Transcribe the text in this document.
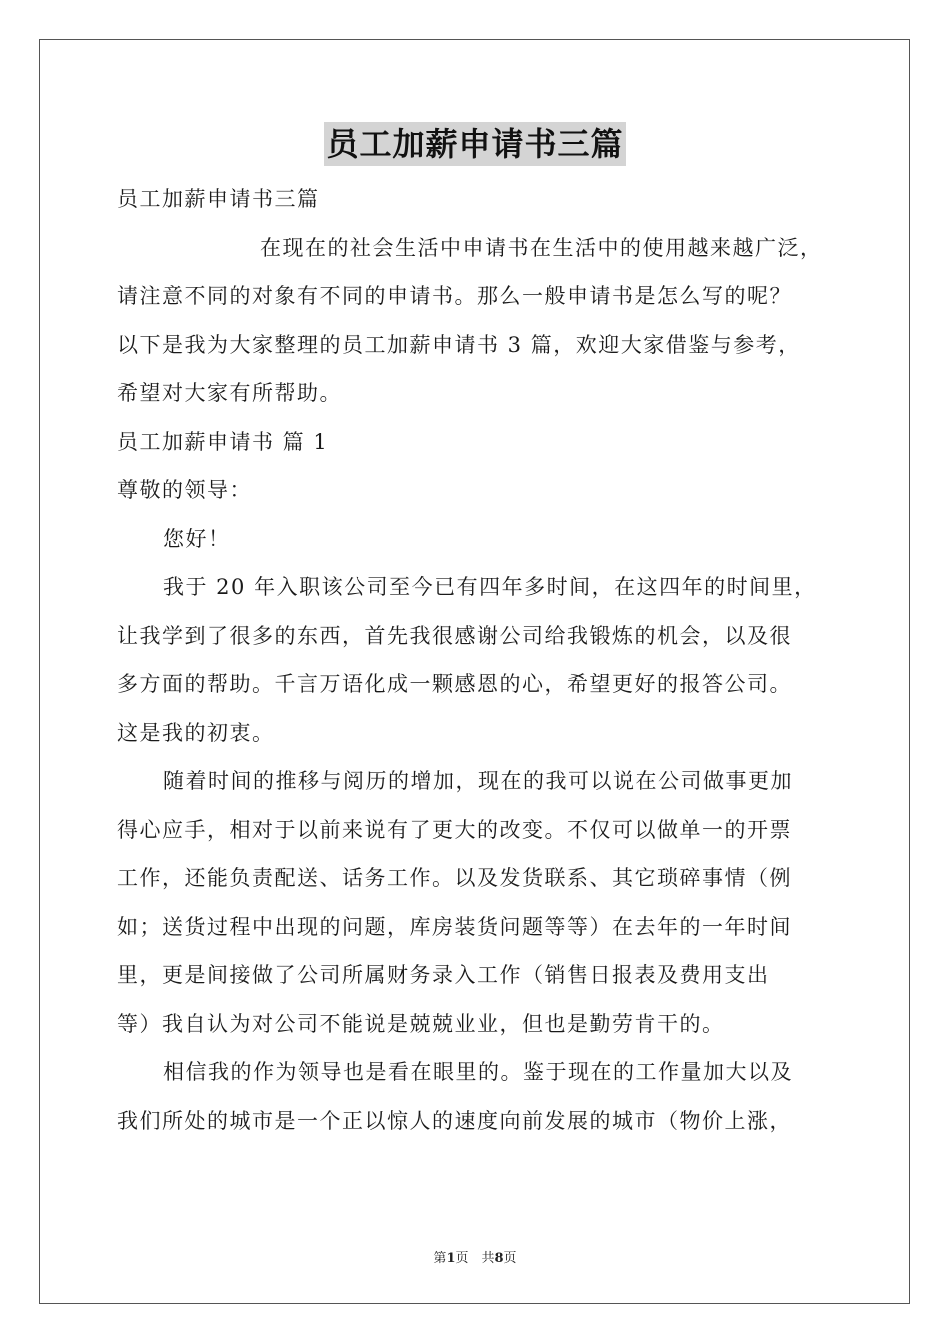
员工加薪申请书三篇
员工加薪申请书三篇
在现在的社会生活中申请书在生活中的使用越来越广泛，
请注意不同的对象有不同的申请书。那么一般申请书是怎么写的呢？
以下是我为大家整理的员工加薪申请书 3 篇，欢迎大家借鉴与参考，
希望对大家有所帮助。
员工加薪申请书 篇 1
尊敬的领导：
您好！
我于 20 年入职该公司至今已有四年多时间，在这四年的时间里，
让我学到了很多的东西，首先我很感谢公司给我锻炼的机会，以及很
多方面的帮助。千言万语化成一颗感恩的心，希望更好的报答公司。
这是我的初衷。
随着时间的推移与阅历的增加，现在的我可以说在公司做事更加
得心应手，相对于以前来说有了更大的改变。不仅可以做单一的开票
工作，还能负责配送、话务工作。以及发货联系、其它琐碎事情（例
如；送货过程中出现的问题，库房装货问题等等）在去年的一年时间
里，更是间接做了公司所属财务录入工作（销售日报表及费用支出
等）我自认为对公司不能说是兢兢业业，但也是勤劳肯干的。
相信我的作为领导也是看在眼里的。鉴于现在的工作量加大以及
我们所处的城市是一个正以惊人的速度向前发展的城市（物价上涨，
第1页　共8页
